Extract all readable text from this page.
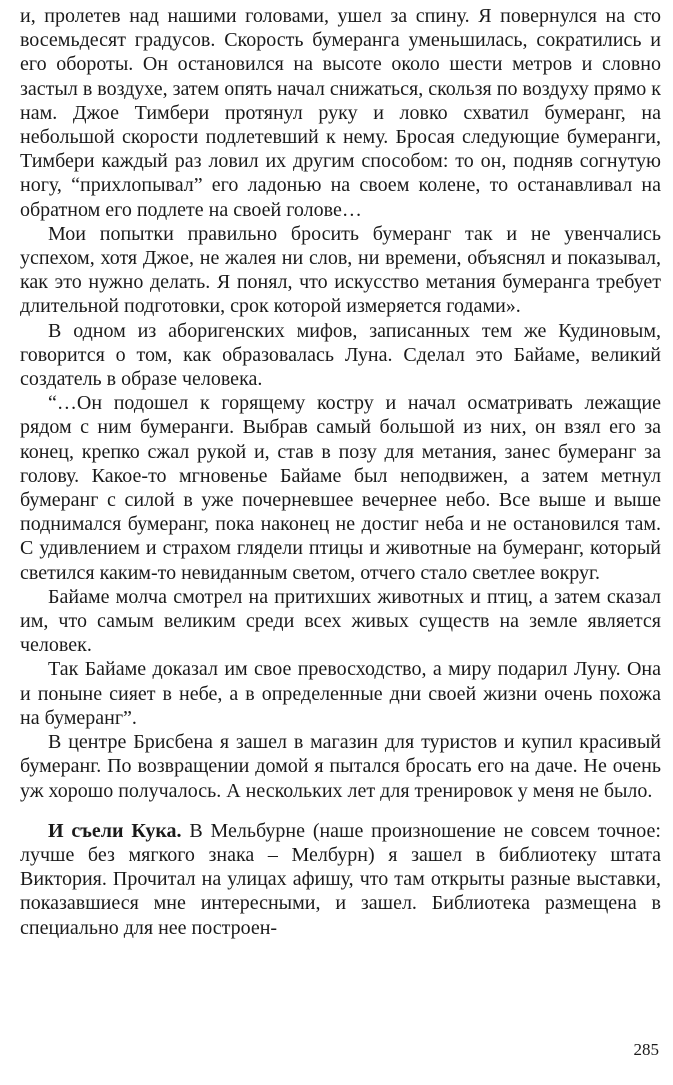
и, пролетев над нашими головами, ушел за спину. Я повернулся на сто восемьдесят градусов. Скорость бумеранга уменьшилась, сократились и его обороты. Он остановился на высоте около шести метров и словно застыл в воздухе, затем опять начал снижаться, скользя по воздуху прямо к нам. Джое Тимбери протянул руку и ловко схватил бумеранг, на небольшой скорости подлетевший к нему. Бросая следующие бумеранги, Тимбери каждый раз ловил их другим способом: то он, подняв согнутую ногу, “прихлопывал” его ладонью на своем колене, то останавливал на обратном его подлете на своей голове…

Мои попытки правильно бросить бумеранг так и не увенчались успехом, хотя Джое, не жалея ни слов, ни времени, объяснял и показывал, как это нужно делать. Я понял, что искусство метания бумеранга требует длительной подготовки, срок которой измеряется годами».

В одном из аборигенских мифов, записанных тем же Кудиновым, говорится о том, как образовалась Луна. Сделал это Байаме, великий создатель в образе человека.

“…Он подошел к горящему костру и начал осматривать лежащие рядом с ним бумеранги. Выбрав самый большой из них, он взял его за конец, крепко сжал рукой и, став в позу для метания, занес бумеранг за голову. Какое-то мгновенье Байаме был неподвижен, а затем метнул бумеранг с силой в уже почерневшее вечернее небо. Все выше и выше поднимался бумеранг, пока наконец не достиг неба и не остановился там. С удивлением и страхом глядели птицы и животные на бумеранг, который светился каким-то невиданным светом, отчего стало светлее вокруг.

Байаме молча смотрел на притихших животных и птиц, а затем сказал им, что самым великим среди всех живых существ на земле является человек.

Так Байаме доказал им свое превосходство, а миру подарил Луну. Она и поныне сияет в небе, а в определенные дни своей жизни очень похожа на бумеранг”.

В центре Брисбена я зашел в магазин для туристов и купил красивый бумеранг. По возвращении домой я пытался бросать его на даче. Не очень уж хорошо получалось. А нескольких лет для тренировок у меня не было.

И съели Кука. В Мельбурне (наше произношение не совсем точное: лучше без мягкого знака – Мелбурн) я зашел в библиотеку штата Виктория. Прочитал на улицах афишу, что там открыты разные выставки, показавшиеся мне интересными, и зашел. Библиотека размещена в специально для нее построен-

285
